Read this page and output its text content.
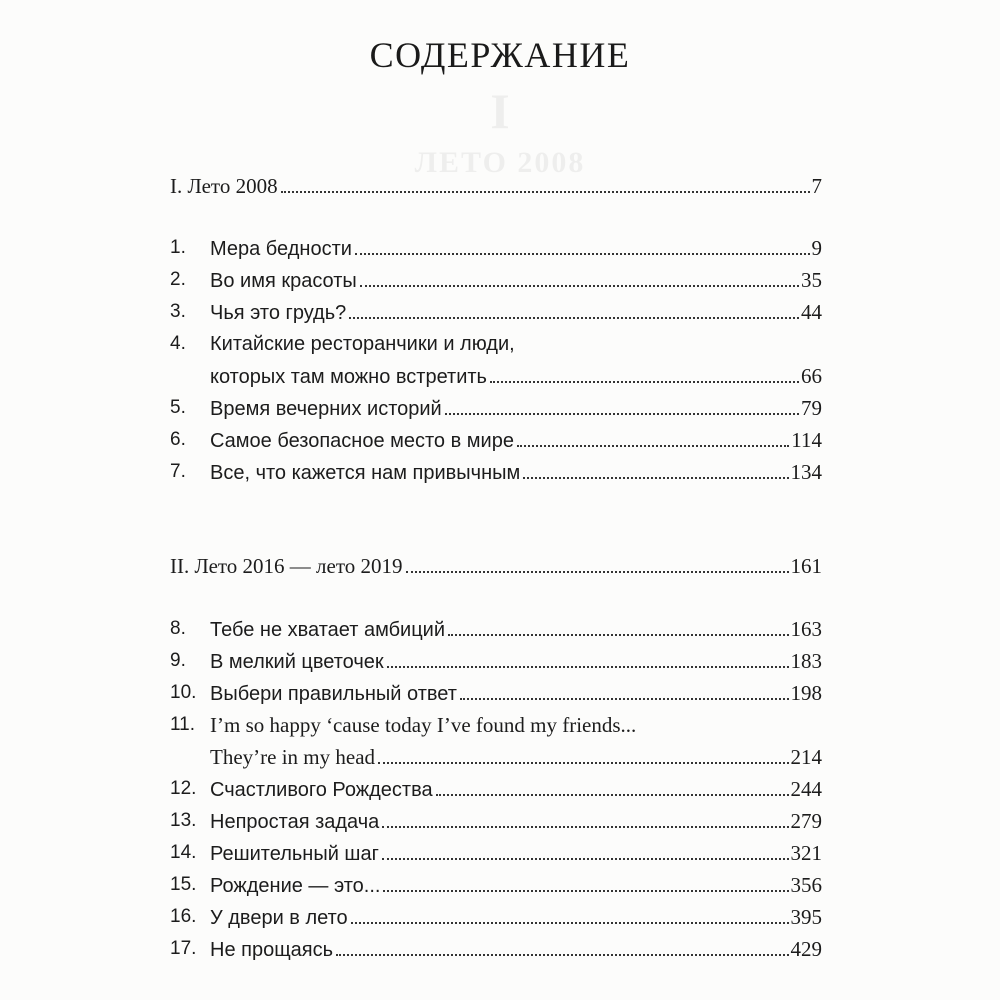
I
ЛЕТО 2008
СОДЕРЖАНИЕ
I. Лето 2008	7
1. Мера бедности	9
2. Во имя красоты	35
3. Чья это грудь?	44
4. Китайские ресторанчики и люди,
которых там можно встретить	66
5. Время вечерних историй	79
6. Самое безопасное место в мире	114
7. Все, что кажется нам привычным	134
II. Лето 2016 — лето 2019	161
8. Тебе не хватает амбиций	163
9. В мелкий цветочек	183
10. Выбери правильный ответ	198
11. I’m so happy ‘cause today I’ve found my friends...
They’re in my head	214
12. Счастливого Рождества	244
13. Непростая задача	279
14. Решительный шаг	321
15. Рождение — это...	356
16. У двери в лето	395
17. Не прощаясь	429
